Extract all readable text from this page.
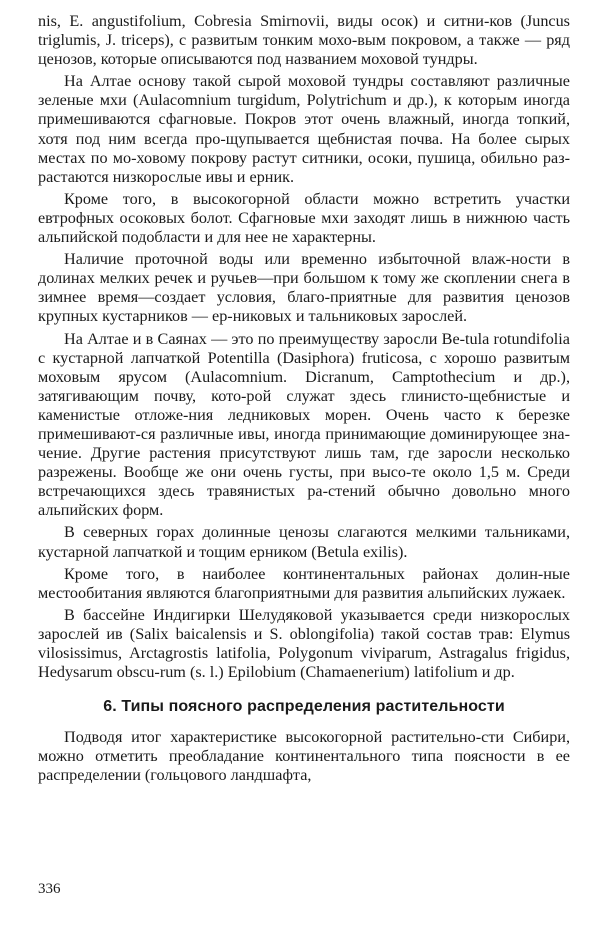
nis, E. angustifolium, Cobresia Smirnovii, виды осок) и ситни-ков (Juncus triglumis, J. triceps), с развитым тонким мохо-вым покровом, а также — ряд ценозов, которые описываются под названием моховой тундры.

На Алтае основу такой сырой моховой тундры составляют различные зеленые мхи (Aulacomnium turgidum, Polytrichum и др.), к которым иногда примешиваются сфагновые. Покров этот очень влажный, иногда топкий, хотя под ним всегда про-щупывается щебнистая почва. На более сырых местах по мо-ховому покрову растут ситники, осоки, пушица, обильно раз-растаются низкорослые ивы и ерник.

Кроме того, в высокогорной области можно встретить участки евтрофных осоковых болот. Сфагновые мхи заходят лишь в нижнюю часть альпийской подобласти и для нее не характерны.

Наличие проточной воды или временно избыточной влаж-ности в долинах мелких речек и ручьев—при большом к тому же скоплении снега в зимнее время—создает условия, благо-приятные для развития ценозов крупных кустарников — ер-никовых и тальниковых зарослей.

На Алтае и в Саянах — это по преимуществу заросли Be-tula rotundifolia с кустарной лапчаткой Potentilla (Dasiphora) fruticosa, с хорошо развитым моховым ярусом (Aulacomnium. Dicranum, Camptothecium и др.), затягивающим почву, кото-рой служат здесь глинисто-щебнистые и каменистые отложе-ния ледниковых морен. Очень часто к березке примешивают-ся различные ивы, иногда принимающие доминирующее зна-чение. Другие растения присутствуют лишь там, где заросли несколько разрежены. Вообще же они очень густы, при высо-те около 1,5 м. Среди встречающихся здесь травянистых ра-стений обычно довольно много альпийских форм.

В северных горах долинные ценозы слагаются мелкими тальниками, кустарной лапчаткой и тощим ерником (Betula exilis).

Кроме того, в наиболее континентальных районах долин-ные местообитания являются благоприятными для развития альпийских лужаек.

В бассейне Индигирки Шелудяковой указывается среди низкорослых зарослей ив (Salix baicalensis и S. oblongifolia) такой состав трав: Elymus vilosissimus, Arctagrostis latifolia, Polygonum viviparum, Astragalus frigidus, Hedysarum obscu-rum (s. l.) Epilobium (Chamaenerium) latifolium и др.

6. Типы поясного распределения растительности

Подводя итог характеристике высокогорной растительно-сти Сибири, можно отметить преобладание континентального типа поясности в ее распределении (гольцового ландшафта,

336
